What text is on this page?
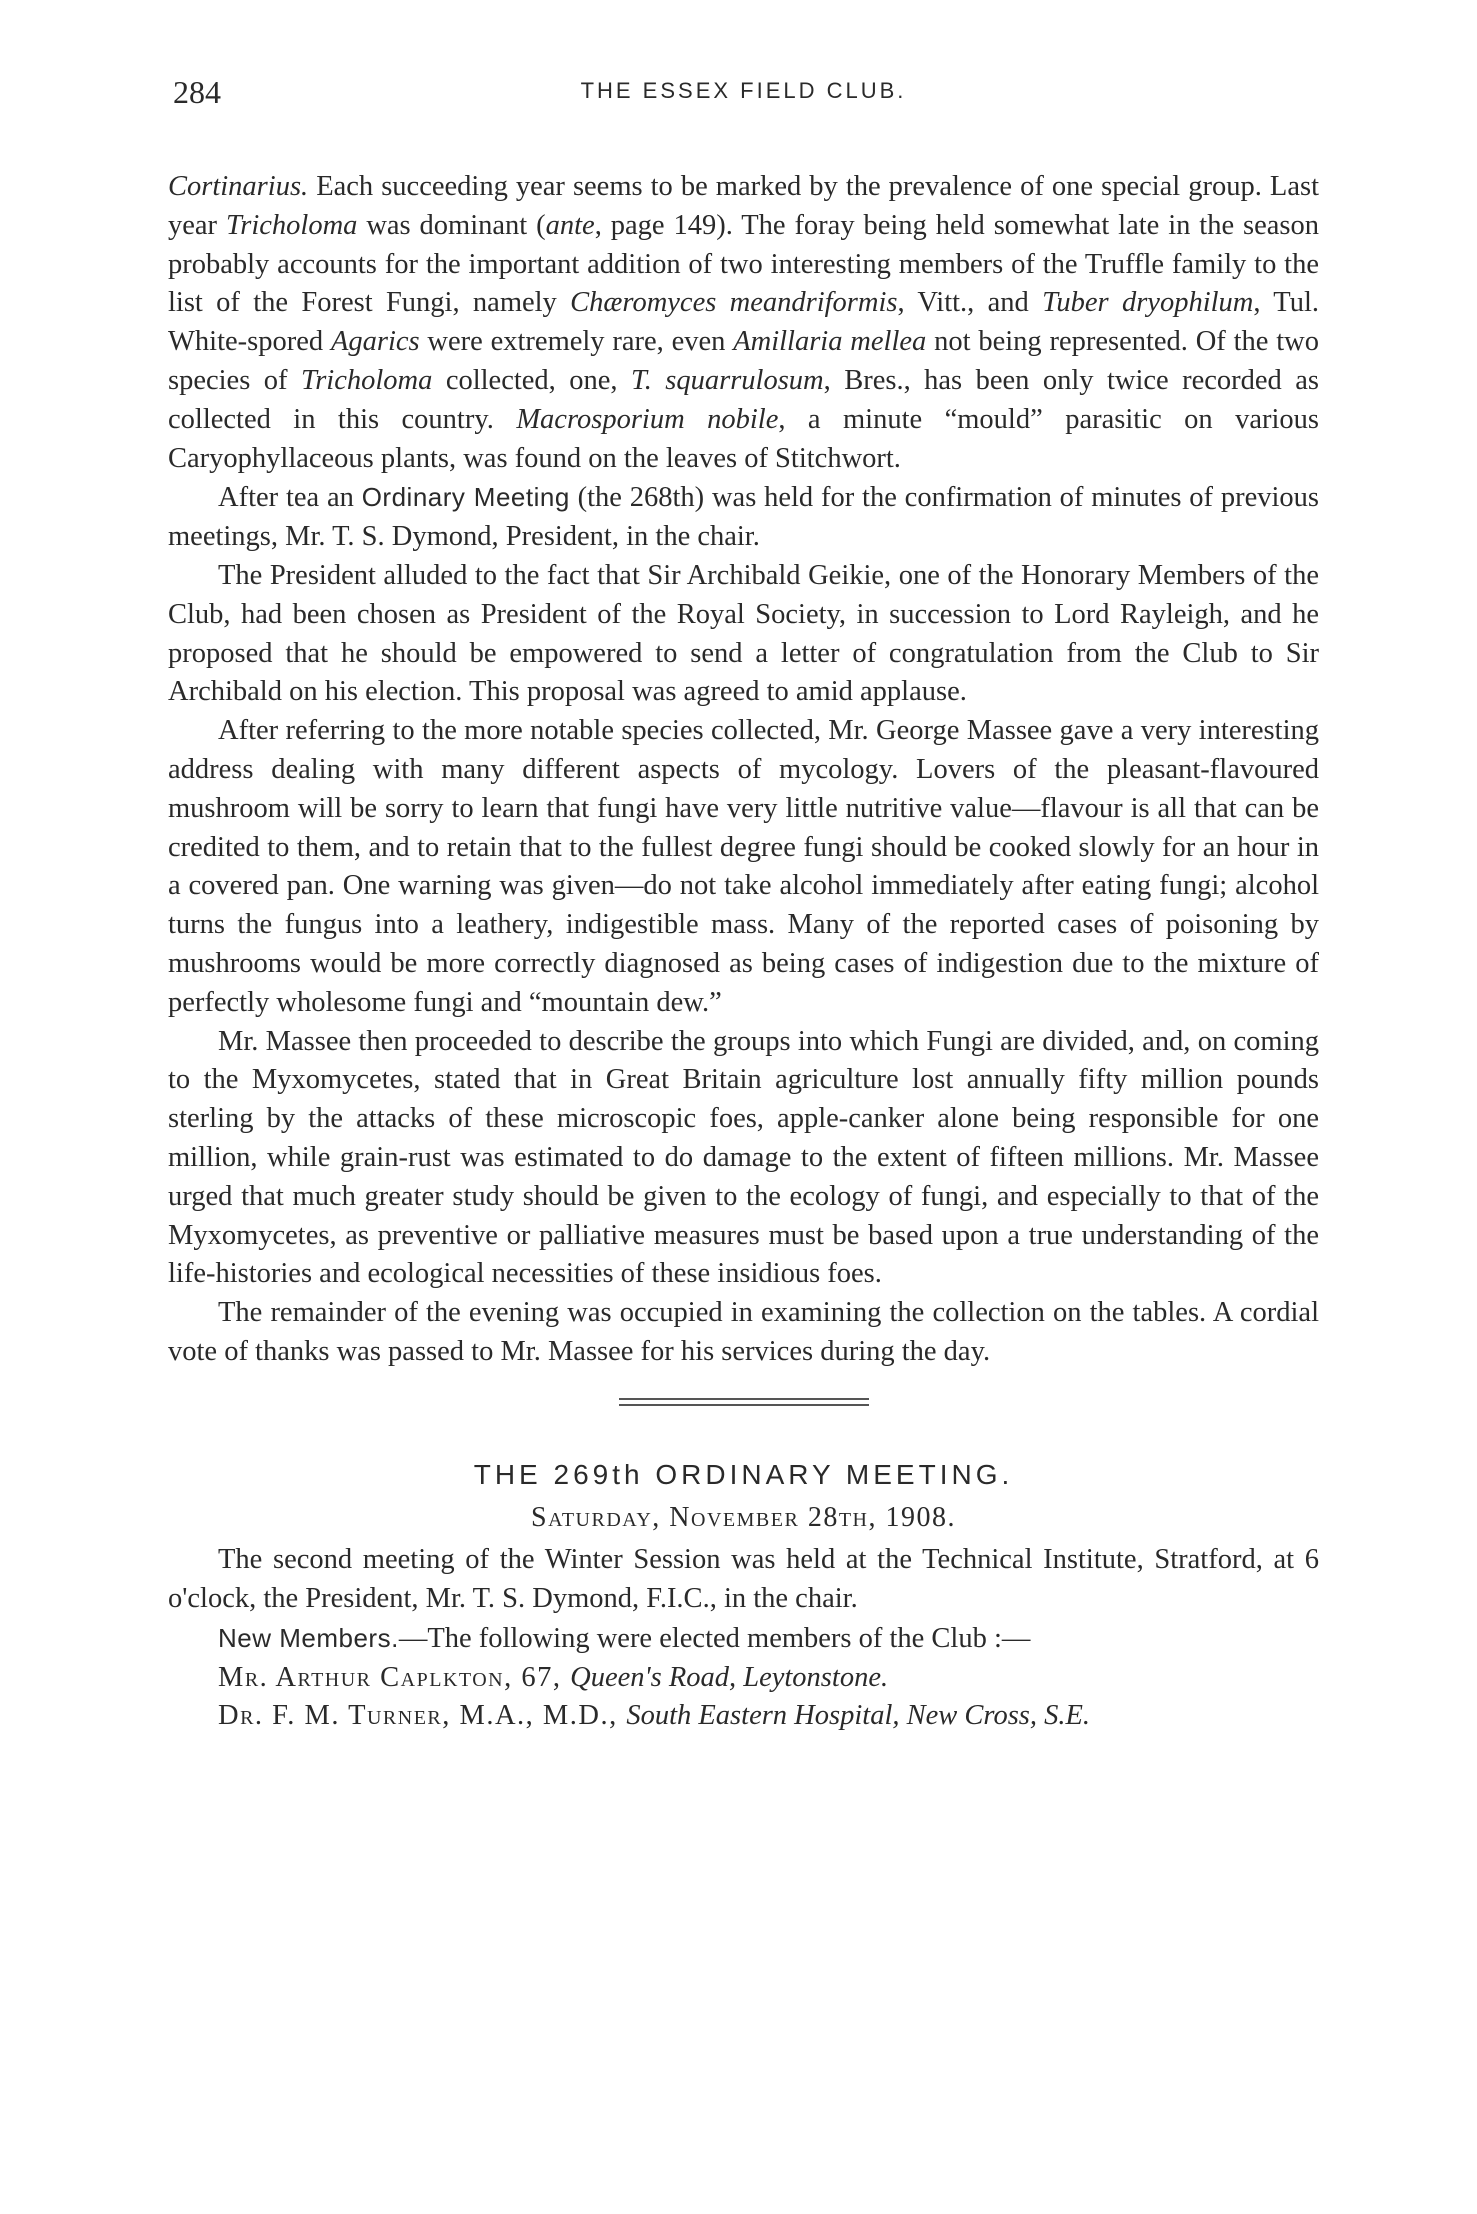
284	THE ESSEX FIELD CLUB.

Cortinarius. Each succeeding year seems to be marked by the prevalence of one special group. Last year Tricholoma was dominant (ante, page 149). The foray being held somewhat late in the season probably accounts for the important addition of two interesting members of the Truffle family to the list of the Forest Fungi, namely Chæromyces meandriformis, Vitt., and Tuber dryophilum, Tul. White-spored Agarics were extremely rare, even Amillaria mellea not being represented. Of the two species of Tricholoma collected, one, T. squarrulosum, Bres., has been only twice recorded as collected in this country. Macrosporium nobile, a minute “mould” parasitic on various Caryophyllaceous plants, was found on the leaves of Stitchwort.

After tea an Ordinary Meeting (the 268th) was held for the confirmation of minutes of previous meetings, Mr. T. S. Dymond, President, in the chair.

The President alluded to the fact that Sir Archibald Geikie, one of the Honorary Members of the Club, had been chosen as President of the Royal Society, in succession to Lord Rayleigh, and he proposed that he should be empowered to send a letter of congratulation from the Club to Sir Archibald on his election. This proposal was agreed to amid applause.

After referring to the more notable species collected, Mr. George Massee gave a very interesting address dealing with many different aspects of mycology. Lovers of the pleasant-flavoured mushroom will be sorry to learn that fungi have very little nutritive value—flavour is all that can be credited to them, and to retain that to the fullest degree fungi should be cooked slowly for an hour in a covered pan. One warning was given—do not take alcohol immediately after eating fungi; alcohol turns the fungus into a leathery, indigestible mass. Many of the reported cases of poisoning by mushrooms would be more correctly diagnosed as being cases of indigestion due to the mixture of perfectly wholesome fungi and “mountain dew.”

Mr. Massee then proceeded to describe the groups into which Fungi are divided, and, on coming to the Myxomycetes, stated that in Great Britain agriculture lost annually fifty million pounds sterling by the attacks of these microscopic foes, apple-canker alone being responsible for one million, while grain-rust was estimated to do damage to the extent of fifteen millions. Mr. Massee urged that much greater study should be given to the ecology of fungi, and especially to that of the Myxomycetes, as preventive or palliative measures must be based upon a true understanding of the life-histories and ecological necessities of these insidious foes.

The remainder of the evening was occupied in examining the collection on the tables. A cordial vote of thanks was passed to Mr. Massee for his services during the day.

THE 269th ORDINARY MEETING.
Saturday, November 28th, 1908.

The second meeting of the Winter Session was held at the Technical Institute, Stratford, at 6 o'clock, the President, Mr. T. S. Dymond, F.I.C., in the chair.

New Members.—The following were elected members of the Club :—

Mr. Arthur Caplkton, 67, Queen's Road, Leytonstone.

Dr. F. M. Turner, M.A., M.D., South Eastern Hospital, New Cross, S.E.
